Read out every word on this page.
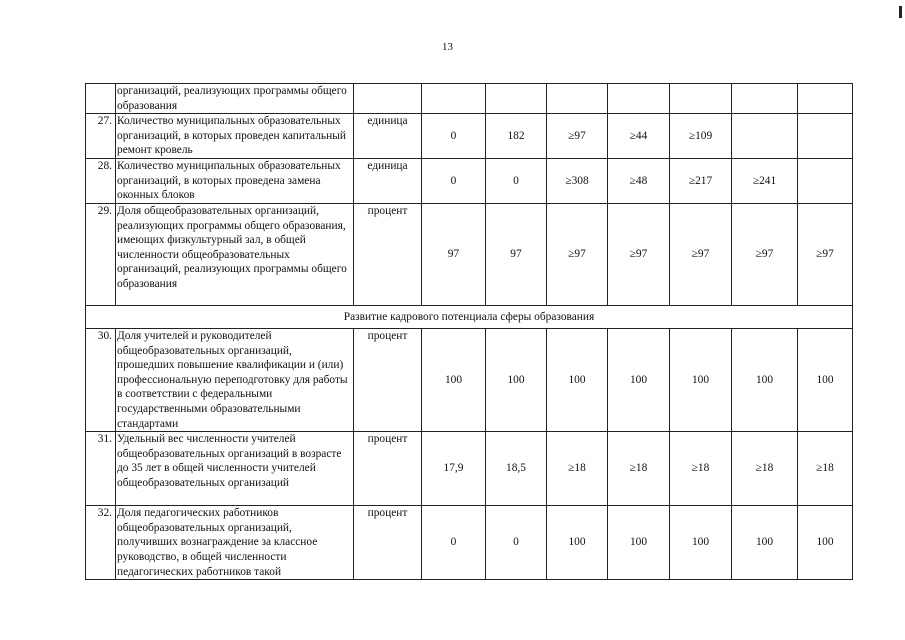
13
	организаций, реализующих программы общего образования								
27.	Количество муниципальных образовательных организаций, в которых проведен капитальный ремонт кровель	единица	0	182	≥97	≥44	≥109		
28.	Количество муниципальных образовательных организаций, в которых проведена замена оконных блоков	единица	0	0	≥308	≥48	≥217	≥241	
29.	Доля общеобразовательных организаций, реализующих программы общего образования, имеющих физкультурный зал, в общей численности общеобразовательных организаций, реализующих программы общего образования	процент	97	97	≥97	≥97	≥97	≥97	≥97
Развитие кадрового потенциала сферы образования									
30.	Доля учителей и руководителей общеобразовательных организаций, прошедших повышение квалификации и (или) профессиональную переподготовку для работы в соответствии с федеральными государственными образовательными стандартами	процент	100	100	100	100	100	100	100
31.	Удельный вес численности учителей общеобразовательных организаций в возрасте до 35 лет в общей численности учителей общеобразовательных организаций	процент	17,9	18,5	≥18	≥18	≥18	≥18	≥18
32.	Доля педагогических работников общеобразовательных организаций, получивших вознаграждение за классное руководство, в общей численности педагогических работников такой	процент	0	0	100	100	100	100	100
